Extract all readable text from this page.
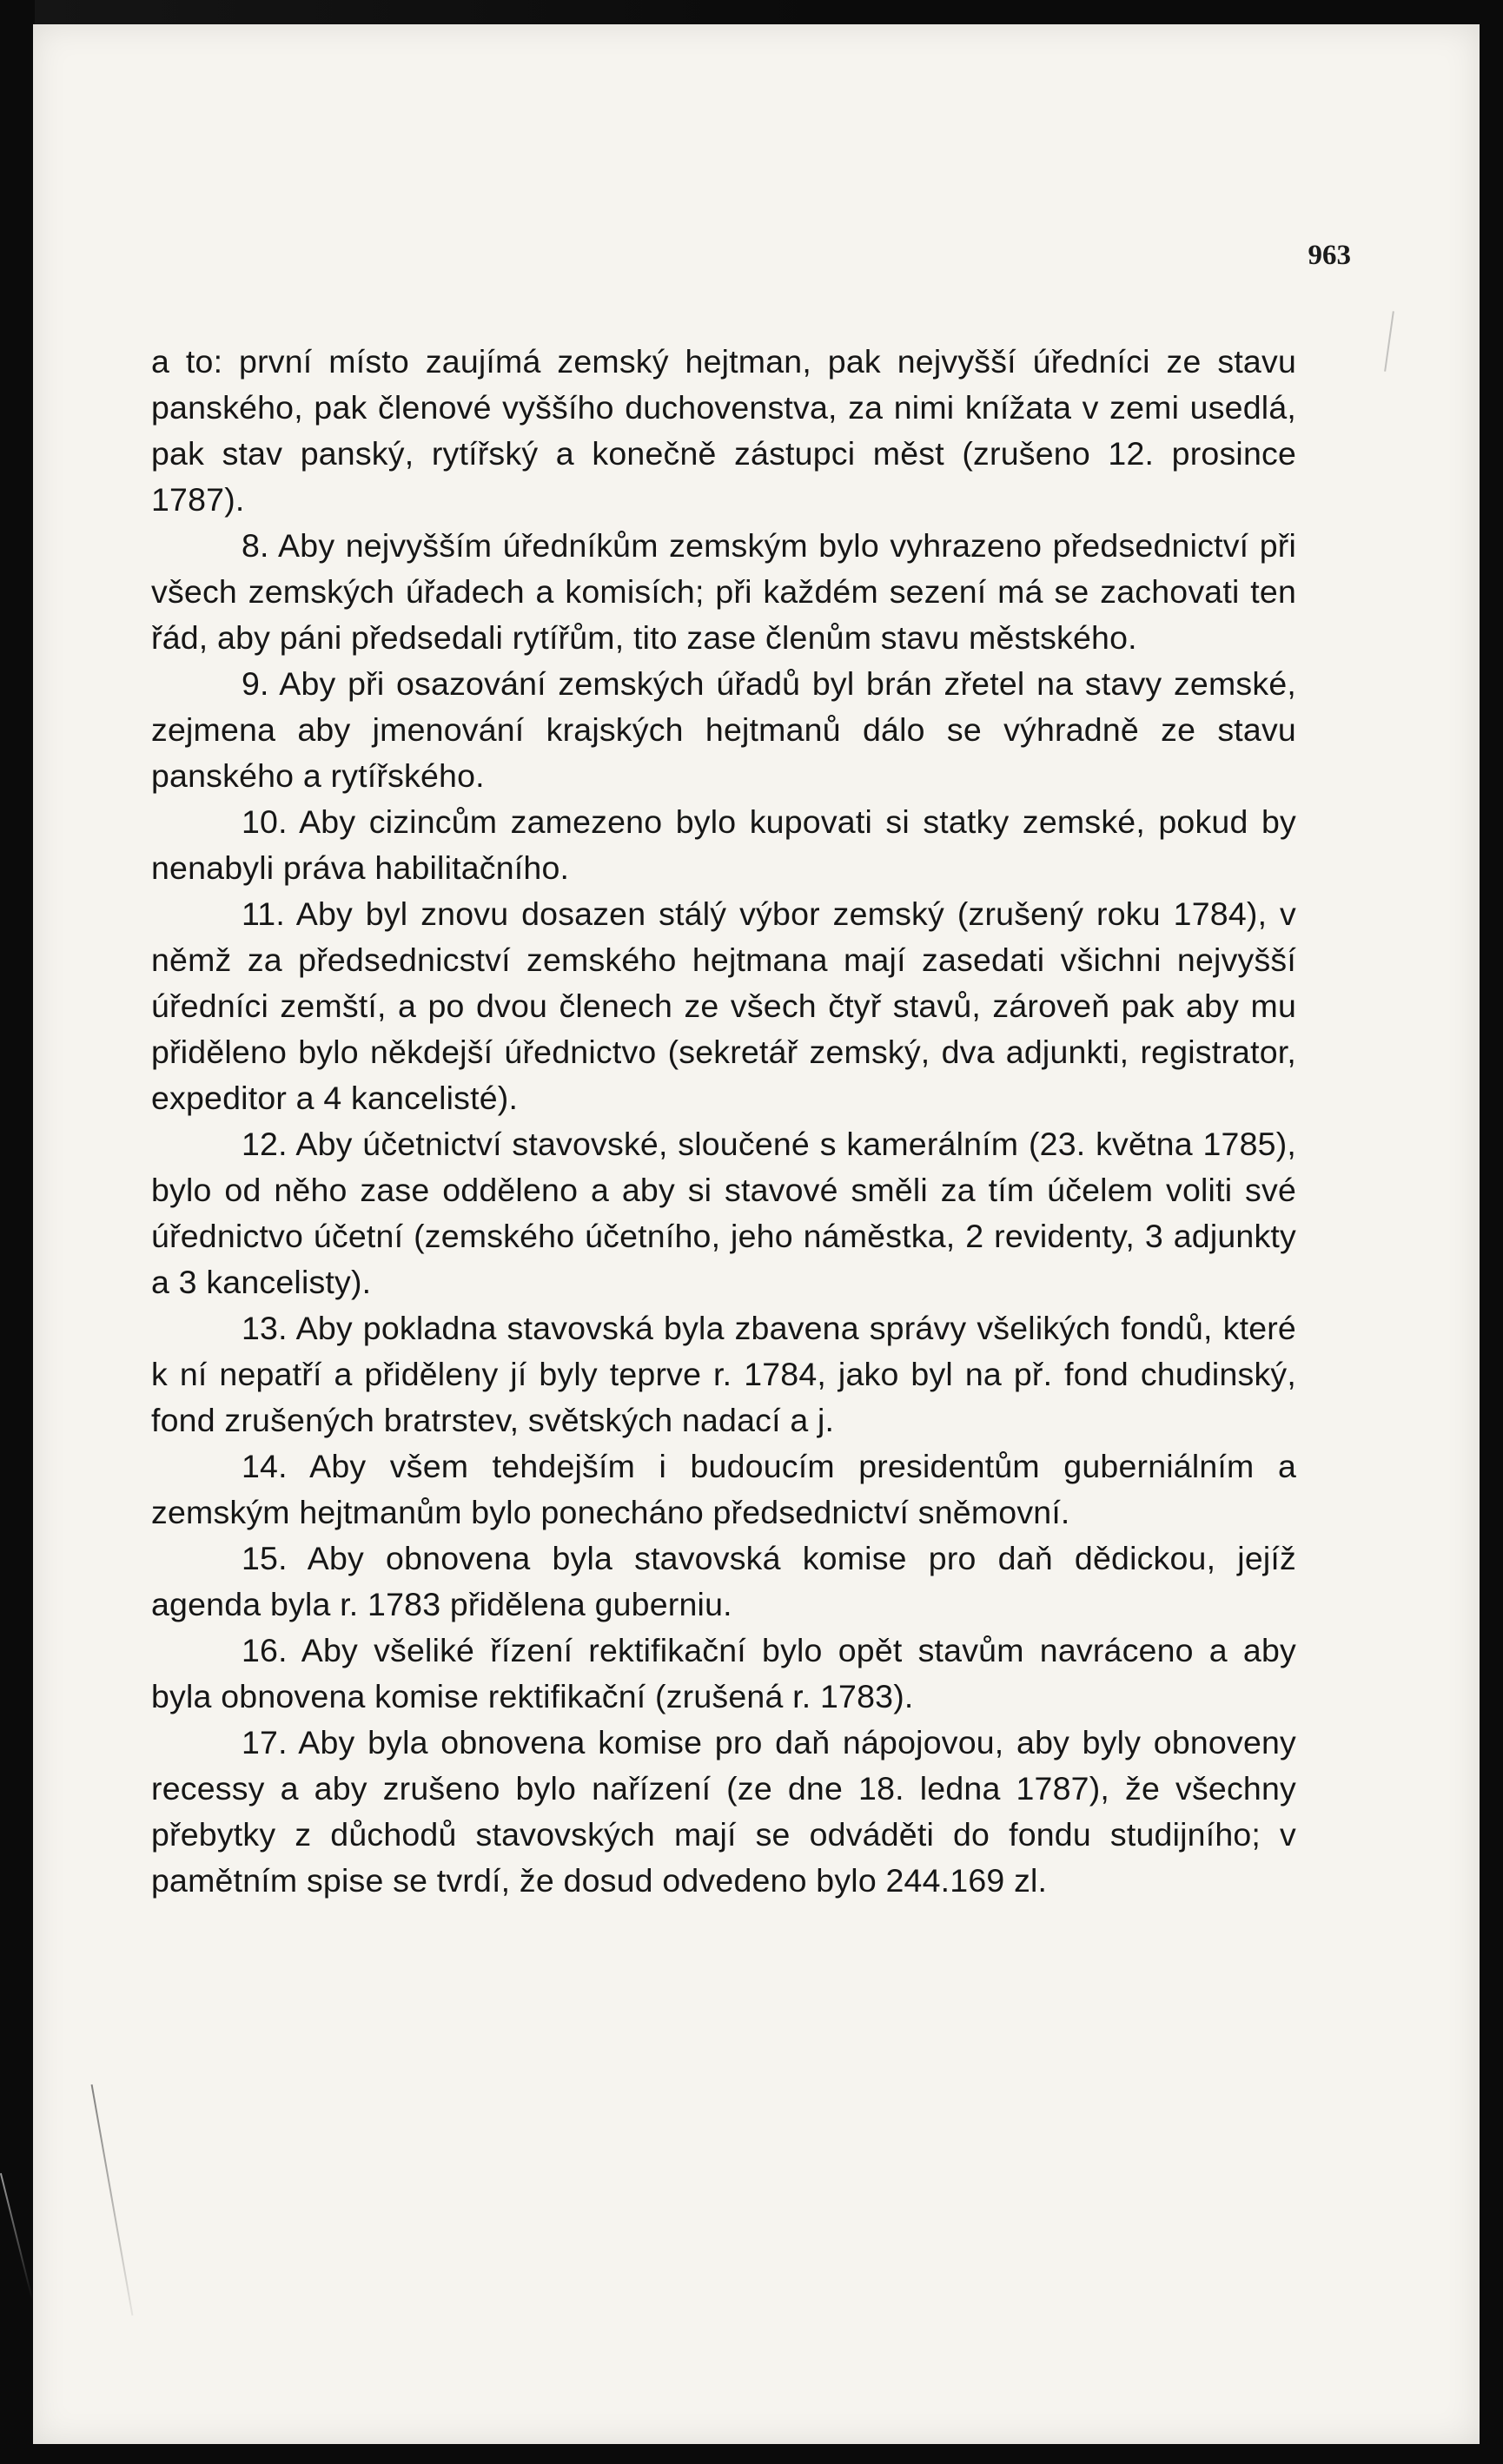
963

a to: první místo zaujímá zemský hejtman, pak nejvyšší úředníci ze stavu panského, pak členové vyššího duchovenstva, za nimi knížata v zemi usedlá, pak stav panský, rytířský a konečně zástupci měst (zrušeno 12. prosince 1787).

8. Aby nejvyšším úředníkům zemským bylo vyhrazeno předsednictví při všech zemských úřadech a komisích; při každém sezení má se zachovati ten řád, aby páni předsedali rytířům, tito zase členům stavu městského.

9. Aby při osazování zemských úřadů byl brán zřetel na stavy zemské, zejmena aby jmenování krajských hejtmanů dálo se výhradně ze stavu panského a rytířského.

10. Aby cizincům zamezeno bylo kupovati si statky zemské, pokud by nenabyli práva habilitačního.

11. Aby byl znovu dosazen stálý výbor zemský (zrušený roku 1784), v němž za předsednicství zemského hejtmana mají zasedati všichni nejvyšší úředníci zemští, a po dvou členech ze všech čtyř stavů, zároveň pak aby mu přiděleno bylo někdejší úřednictvo (sekretář zemský, dva adjunkti, registrator, expeditor a 4 kancelisté).

12. Aby účetnictví stavovské, sloučené s kamerálním (23. května 1785), bylo od něho zase odděleno a aby si stavové směli za tím účelem voliti své úřednictvo účetní (zemského účetního, jeho náměstka, 2 revidenty, 3 adjunkty a 3 kancelisty).

13. Aby pokladna stavovská byla zbavena správy všelikých fondů, které k ní nepatří a přiděleny jí byly teprve r. 1784, jako byl na př. fond chudinský, fond zrušených bratrstev, světských nadací a j.

14. Aby všem tehdejším i budoucím presidentům guberniálním a zemským hejtmanům bylo ponecháno předsednictví sněmovní.

15. Aby obnovena byla stavovská komise pro daň dědickou, jejíž agenda byla r. 1783 přidělena guberniu.

16. Aby všeliké řízení rektifikační bylo opět stavům navráceno a aby byla obnovena komise rektifikační (zrušená r. 1783).

17. Aby byla obnovena komise pro daň nápojovou, aby byly obnoveny recessy a aby zrušeno bylo nařízení (ze dne 18. ledna 1787), že všechny přebytky z důchodů stavovských mají se odváděti do fondu studijního; v pamětním spise se tvrdí, že dosud odvedeno bylo 244.169 zl.
